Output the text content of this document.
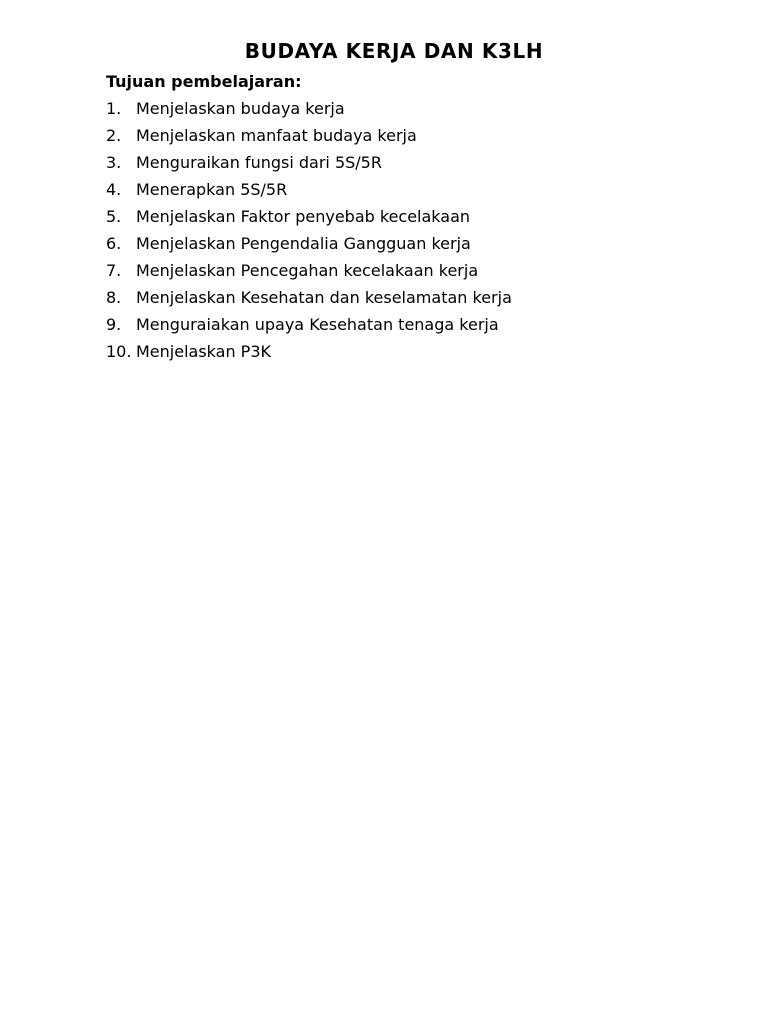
BUDAYA KERJA DAN K3LH

Tujuan pembelajaran:

1. Menjelaskan budaya kerja
2. Menjelaskan manfaat budaya kerja
3. Menguraikan fungsi dari 5S/5R
4. Menerapkan 5S/5R
5. Menjelaskan Faktor penyebab kecelakaan
6. Menjelaskan Pengendalia Gangguan kerja
7. Menjelaskan Pencegahan kecelakaan kerja
8. Menjelaskan Kesehatan dan keselamatan kerja
9. Menguraiakan upaya Kesehatan tenaga kerja
10. Menjelaskan P3K
